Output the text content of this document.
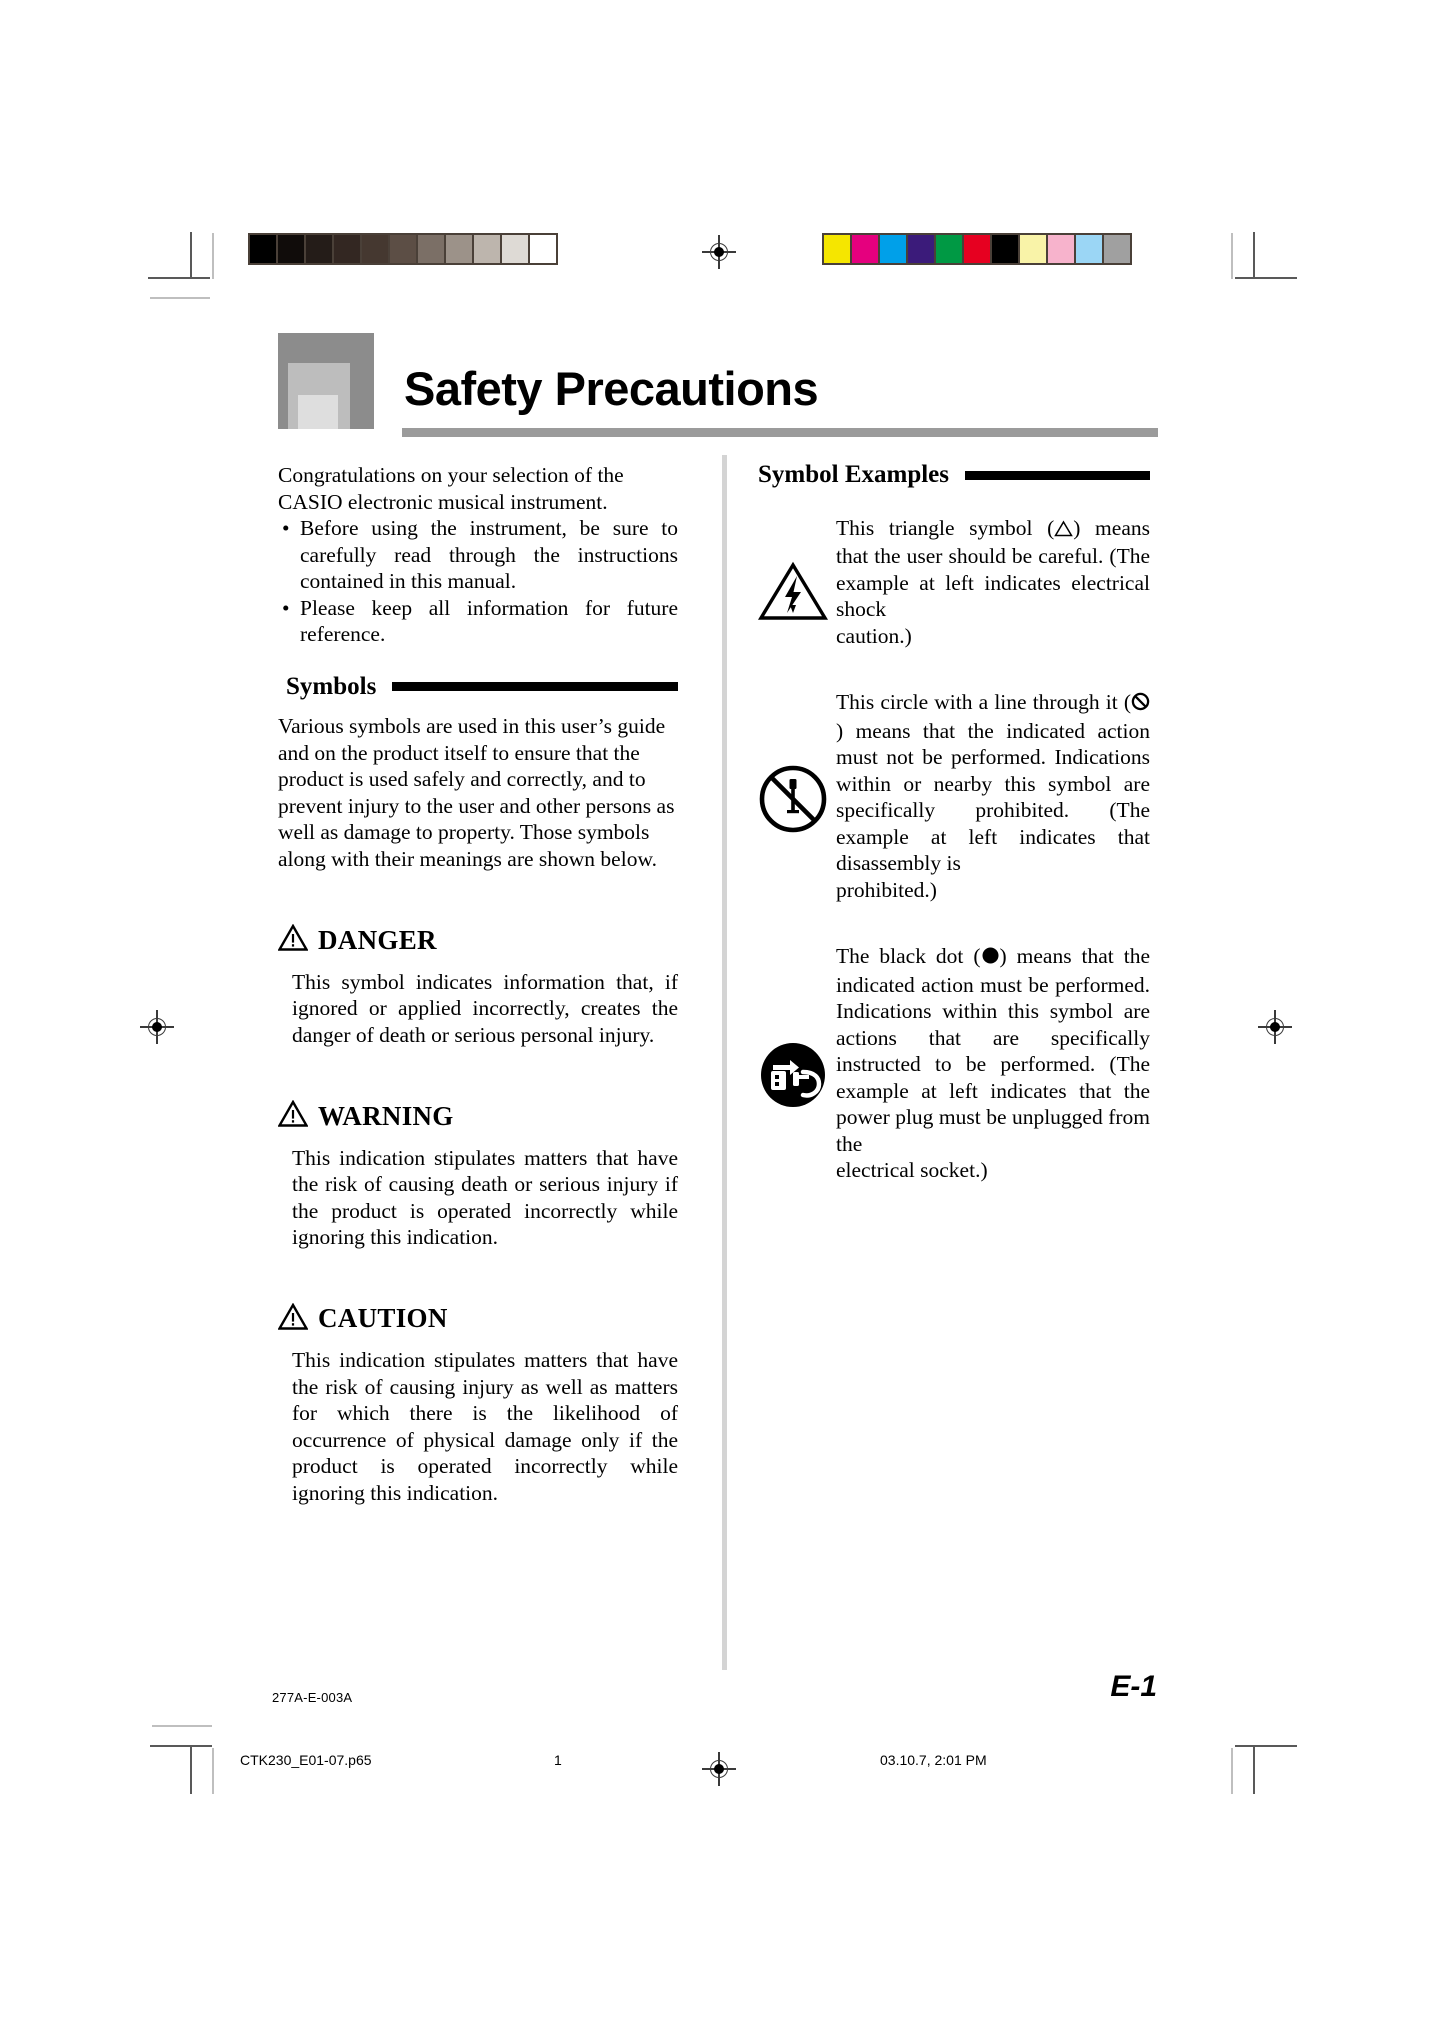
Safety Precautions

Congratulations on your selection of the CASIO electronic musical instrument.

• Before using the instrument, be sure to carefully read through the instructions contained in this manual.
• Please keep all information for future reference.
Symbols

Various symbols are used in this user’s guide and on the product itself to ensure that the product is used safely and correctly, and to prevent injury to the user and other persons as well as damage to property. Those symbols along with their meanings are shown below.

DANGER

This symbol indicates information that, if ignored or applied incorrectly, creates the danger of death or serious personal injury.

WARNING

This indication stipulates matters that have the risk of causing death or serious injury if the product is operated incorrectly while ignoring this indication.

CAUTION

This indication stipulates matters that have the risk of causing injury as well as matters for which there is the likelihood of occurrence of physical damage only if the product is operated incorrectly while ignoring this indication.

Symbol Examples
This triangle symbol ( ) means that the user should be careful. (The example at left indicates electrical shock
caution.)
This circle with a line through it () means that the indicated action must not be performed. Indications within or nearby this symbol are specifically prohibited. (The example at left indicates that disassembly is
prohibited.)
The black dot ( ) means that the indicated action must be performed. Indications within this symbol are actions that are specifically instructed to be performed. (The example at left indicates that the power plug must be unplugged from the
electrical socket.)
277A-E-003A	E-1
CTK230_E01-07.p65	1	03.10.7, 2:01 PM
